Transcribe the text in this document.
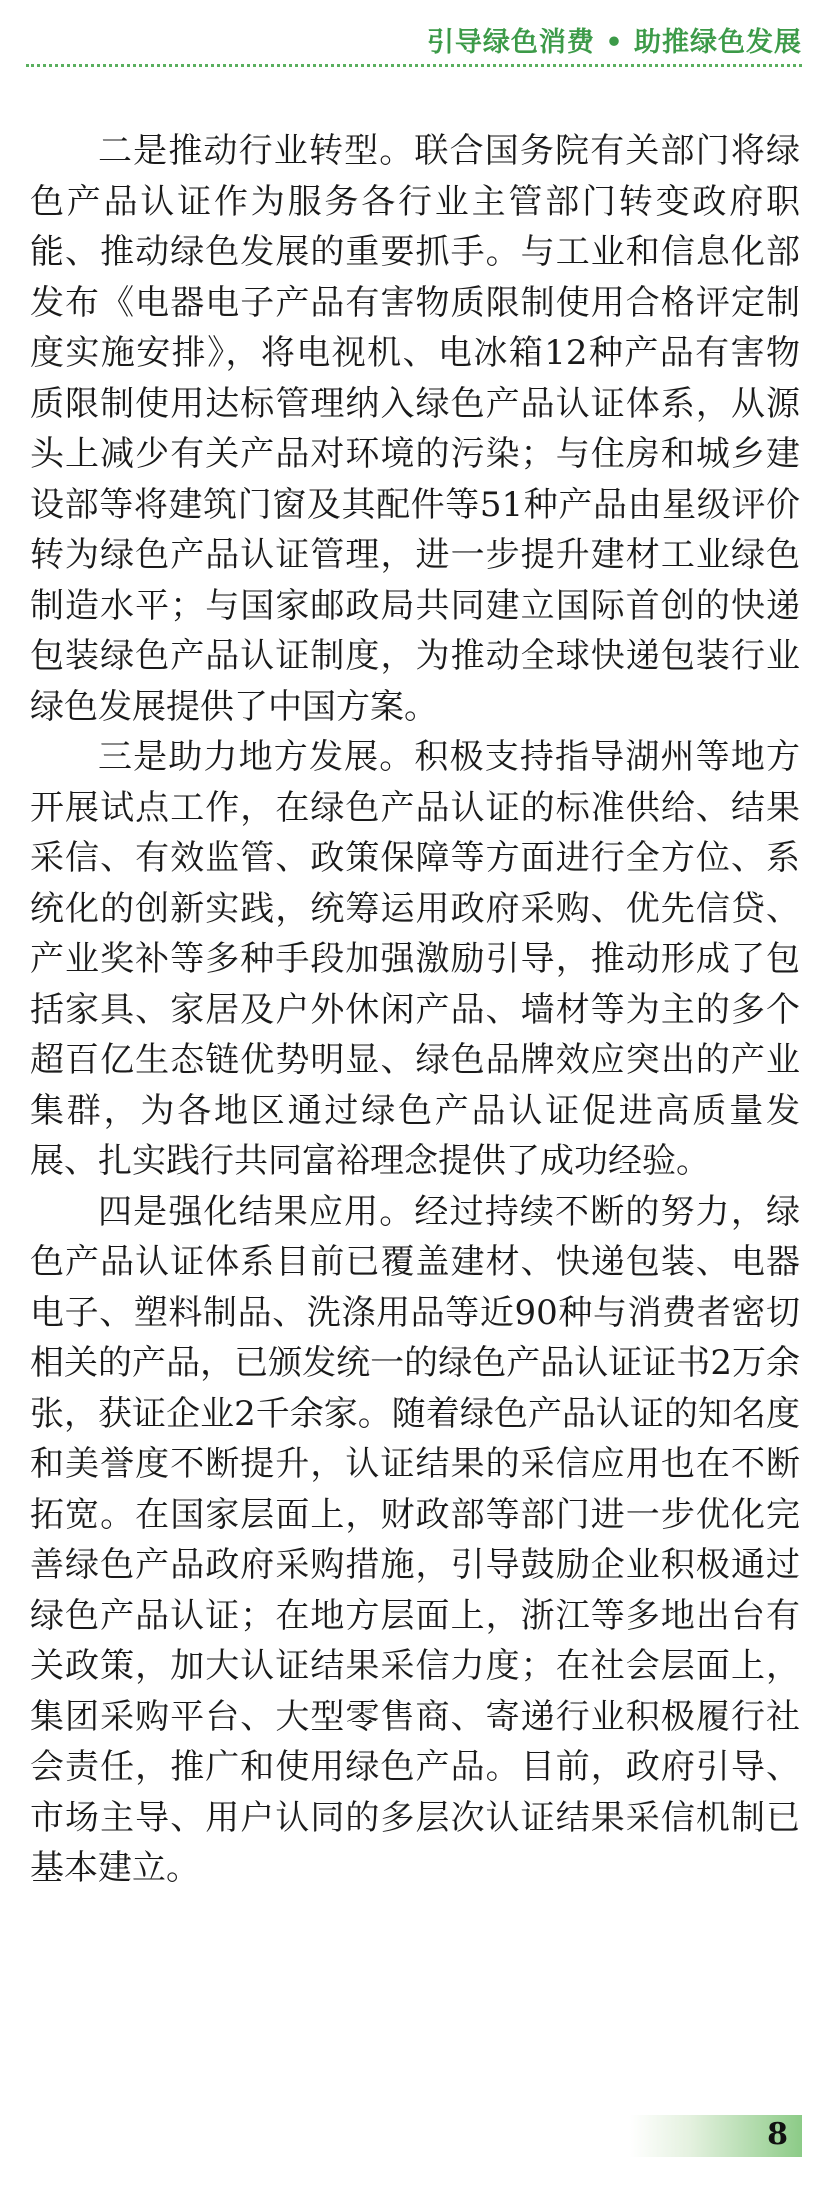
引导绿色消费 • 助推绿色发展

二是推动行业转型。联合国务院有关部门将绿色产品认证作为服务各行业主管部门转变政府职能、推动绿色发展的重要抓手。与工业和信息化部发布《电器电子产品有害物质限制使用合格评定制度实施安排》，将电视机、电冰箱12种产品有害物质限制使用达标管理纳入绿色产品认证体系，从源头上减少有关产品对环境的污染；与住房和城乡建设部等将建筑门窗及其配件等51种产品由星级评价转为绿色产品认证管理，进一步提升建材工业绿色制造水平；与国家邮政局共同建立国际首创的快递包装绿色产品认证制度，为推动全球快递包装行业绿色发展提供了中国方案。

三是助力地方发展。积极支持指导湖州等地方开展试点工作，在绿色产品认证的标准供给、结果采信、有效监管、政策保障等方面进行全方位、系统化的创新实践，统筹运用政府采购、优先信贷、产业奖补等多种手段加强激励引导，推动形成了包括家具、家居及户外休闲产品、墙材等为主的多个超百亿生态链优势明显、绿色品牌效应突出的产业集群，为各地区通过绿色产品认证促进高质量发展、扎实践行共同富裕理念提供了成功经验。

四是强化结果应用。经过持续不断的努力，绿色产品认证体系目前已覆盖建材、快递包装、电器电子、塑料制品、洗涤用品等近90种与消费者密切相关的产品，已颁发统一的绿色产品认证证书2万余张，获证企业2千余家。随着绿色产品认证的知名度和美誉度不断提升，认证结果的采信应用也在不断拓宽。在国家层面上，财政部等部门进一步优化完善绿色产品政府采购措施，引导鼓励企业积极通过绿色产品认证；在地方层面上，浙江等多地出台有关政策，加大认证结果采信力度；在社会层面上，集团采购平台、大型零售商、寄递行业积极履行社会责任，推广和使用绿色产品。目前，政府引导、市场主导、用户认同的多层次认证结果采信机制已基本建立。

8
